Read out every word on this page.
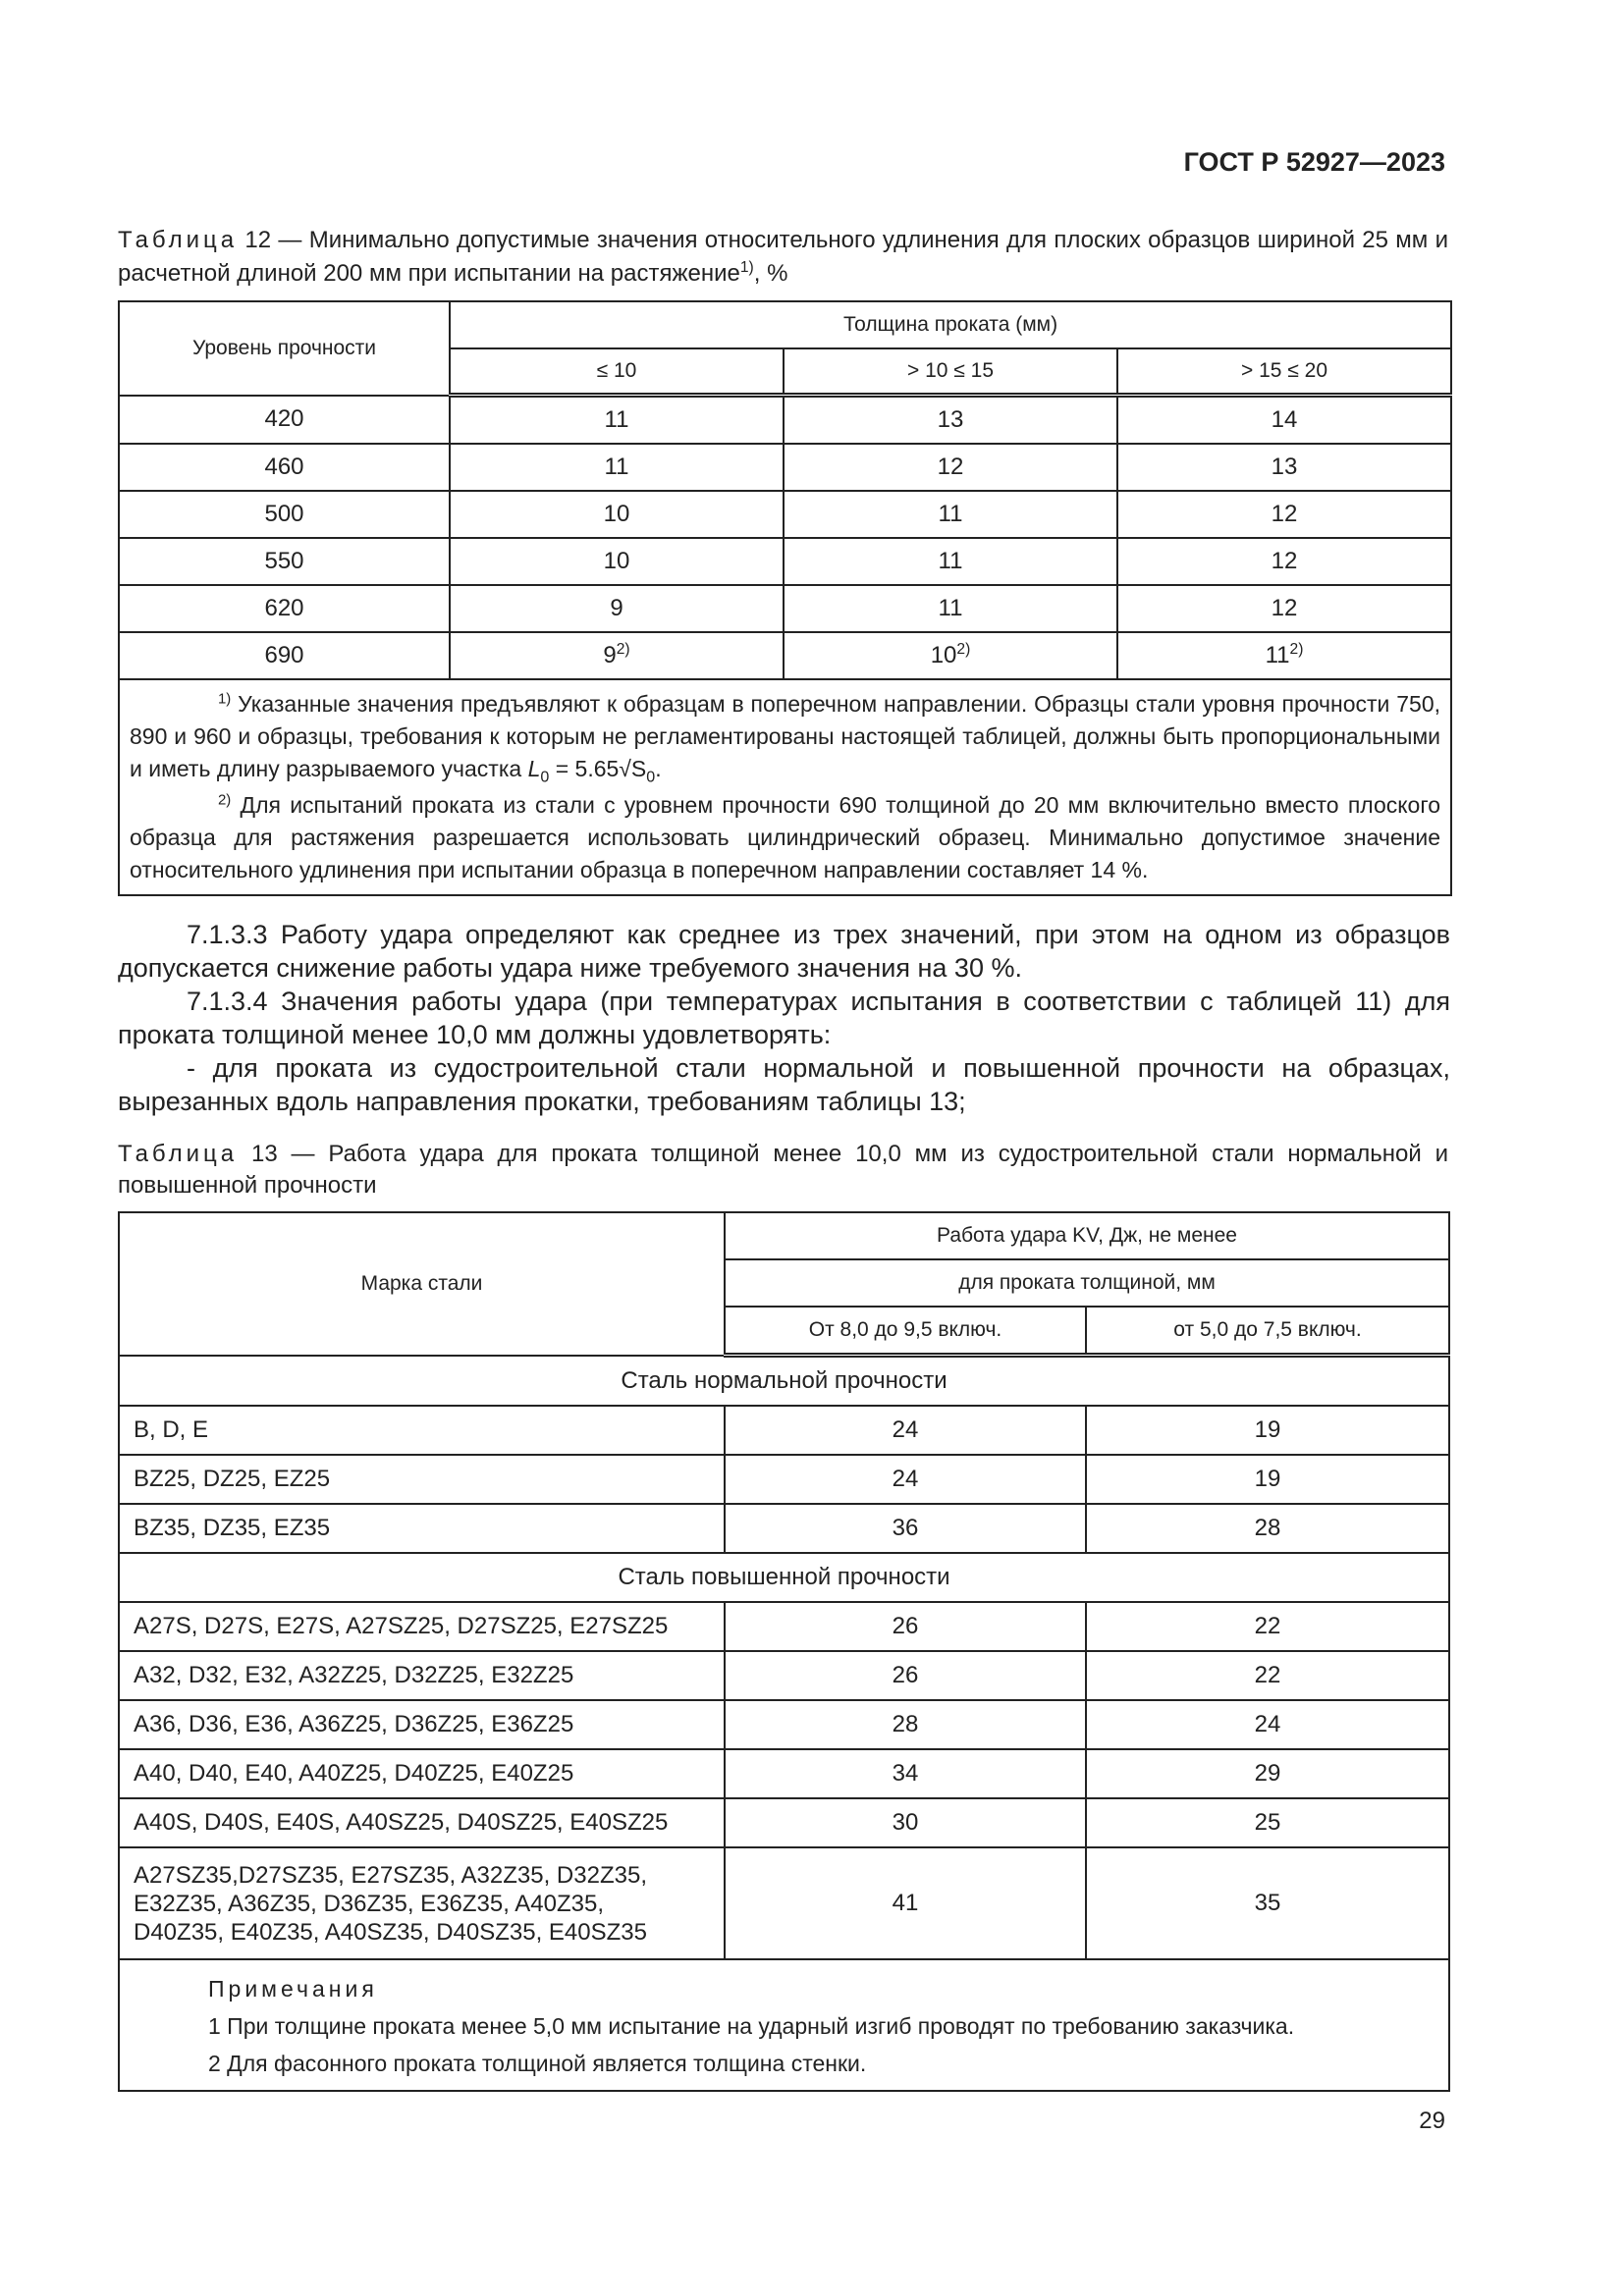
ГОСТ Р 52927—2023
Таблица 12 — Минимально допустимые значения относительного удлинения для плоских образцов шириной 25 мм и расчетной длиной 200 мм при испытании на растяжение$^{1)}$, %
Уровень прочности	Толщина проката (мм)		
	≤ 10	> 10 ≤ 15	> 15 ≤ 20
420	11	13	14
460	11	12	13
500	10	11	12
550	10	11	12
620	9	11	12
690	9$^{2)}$	10$^{2)}$	11$^{2)}$

$^{1)}$ Указанные значения предъявляют к образцам в поперечном направлении. Образцы стали уровня прочности 750, 890 и 960 и образцы, требования к которым не регламентированы настоящей таблицей, должны быть пропорциональными и иметь длину разрываемого участка $L_0 = 5.65√S_0$.

$^{2)}$ Для испытаний проката из стали с уровнем прочности 690 толщиной до 20 мм включительно вместо плоского образца для растяжения разрешается использовать цилиндрический образец. Минимально допустимое значение относительного удлинения при испытании образца в поперечном направлении составляет 14 %.			

7.1.3.3 Работу удара определяют как среднее из трех значений, при этом на одном из образцов допускается снижение работы удара ниже требуемого значения на 30 %.

7.1.3.4 Значения работы удара (при температурах испытания в соответствии с таблицей 11) для проката толщиной менее 10,0 мм должны удовлетворять:

- для проката из судостроительной стали нормальной и повышенной прочности на образцах, вырезанных вдоль направления прокатки, требованиям таблицы 13;

Таблица 13 — Работа удара для проката толщиной менее 10,0 мм из судостроительной стали нормальной и повышенной прочности
Марка стали	Работа удара KV, Дж, не менее	
	для проката толщиной, мм	
	От 8,0 до 9,5 включ.	от 5,0 до 7,5 включ.
Сталь нормальной прочности		
B, D, E	24	19
BZ25, DZ25, EZ25	24	19
BZ35, DZ35, EZ35	36	28
Сталь повышенной прочности		
A27S, D27S, E27S, A27SZ25, D27SZ25, E27SZ25	26	22
A32, D32, E32, A32Z25, D32Z25, E32Z25	26	22
A36, D36, E36, A36Z25, D36Z25, E36Z25	28	24
A40, D40, E40, A40Z25, D40Z25, E40Z25	34	29
A40S, D40S, E40S, A40SZ25, D40SZ25, E40SZ25	30	25

A27SZ35,D27SZ35, E27SZ35, A32Z35, D32Z35,
E32Z35, A36Z35, D36Z35, E36Z35, A40Z35,
D40Z35, E40Z35, A40SZ35, D40SZ35, E40SZ35	41	35

Примечания
1 При толщине проката менее 5,0 мм испытание на ударный изгиб проводят по требованию заказчика.
2 Для фасонного проката толщиной является толщина стенки.		
29
